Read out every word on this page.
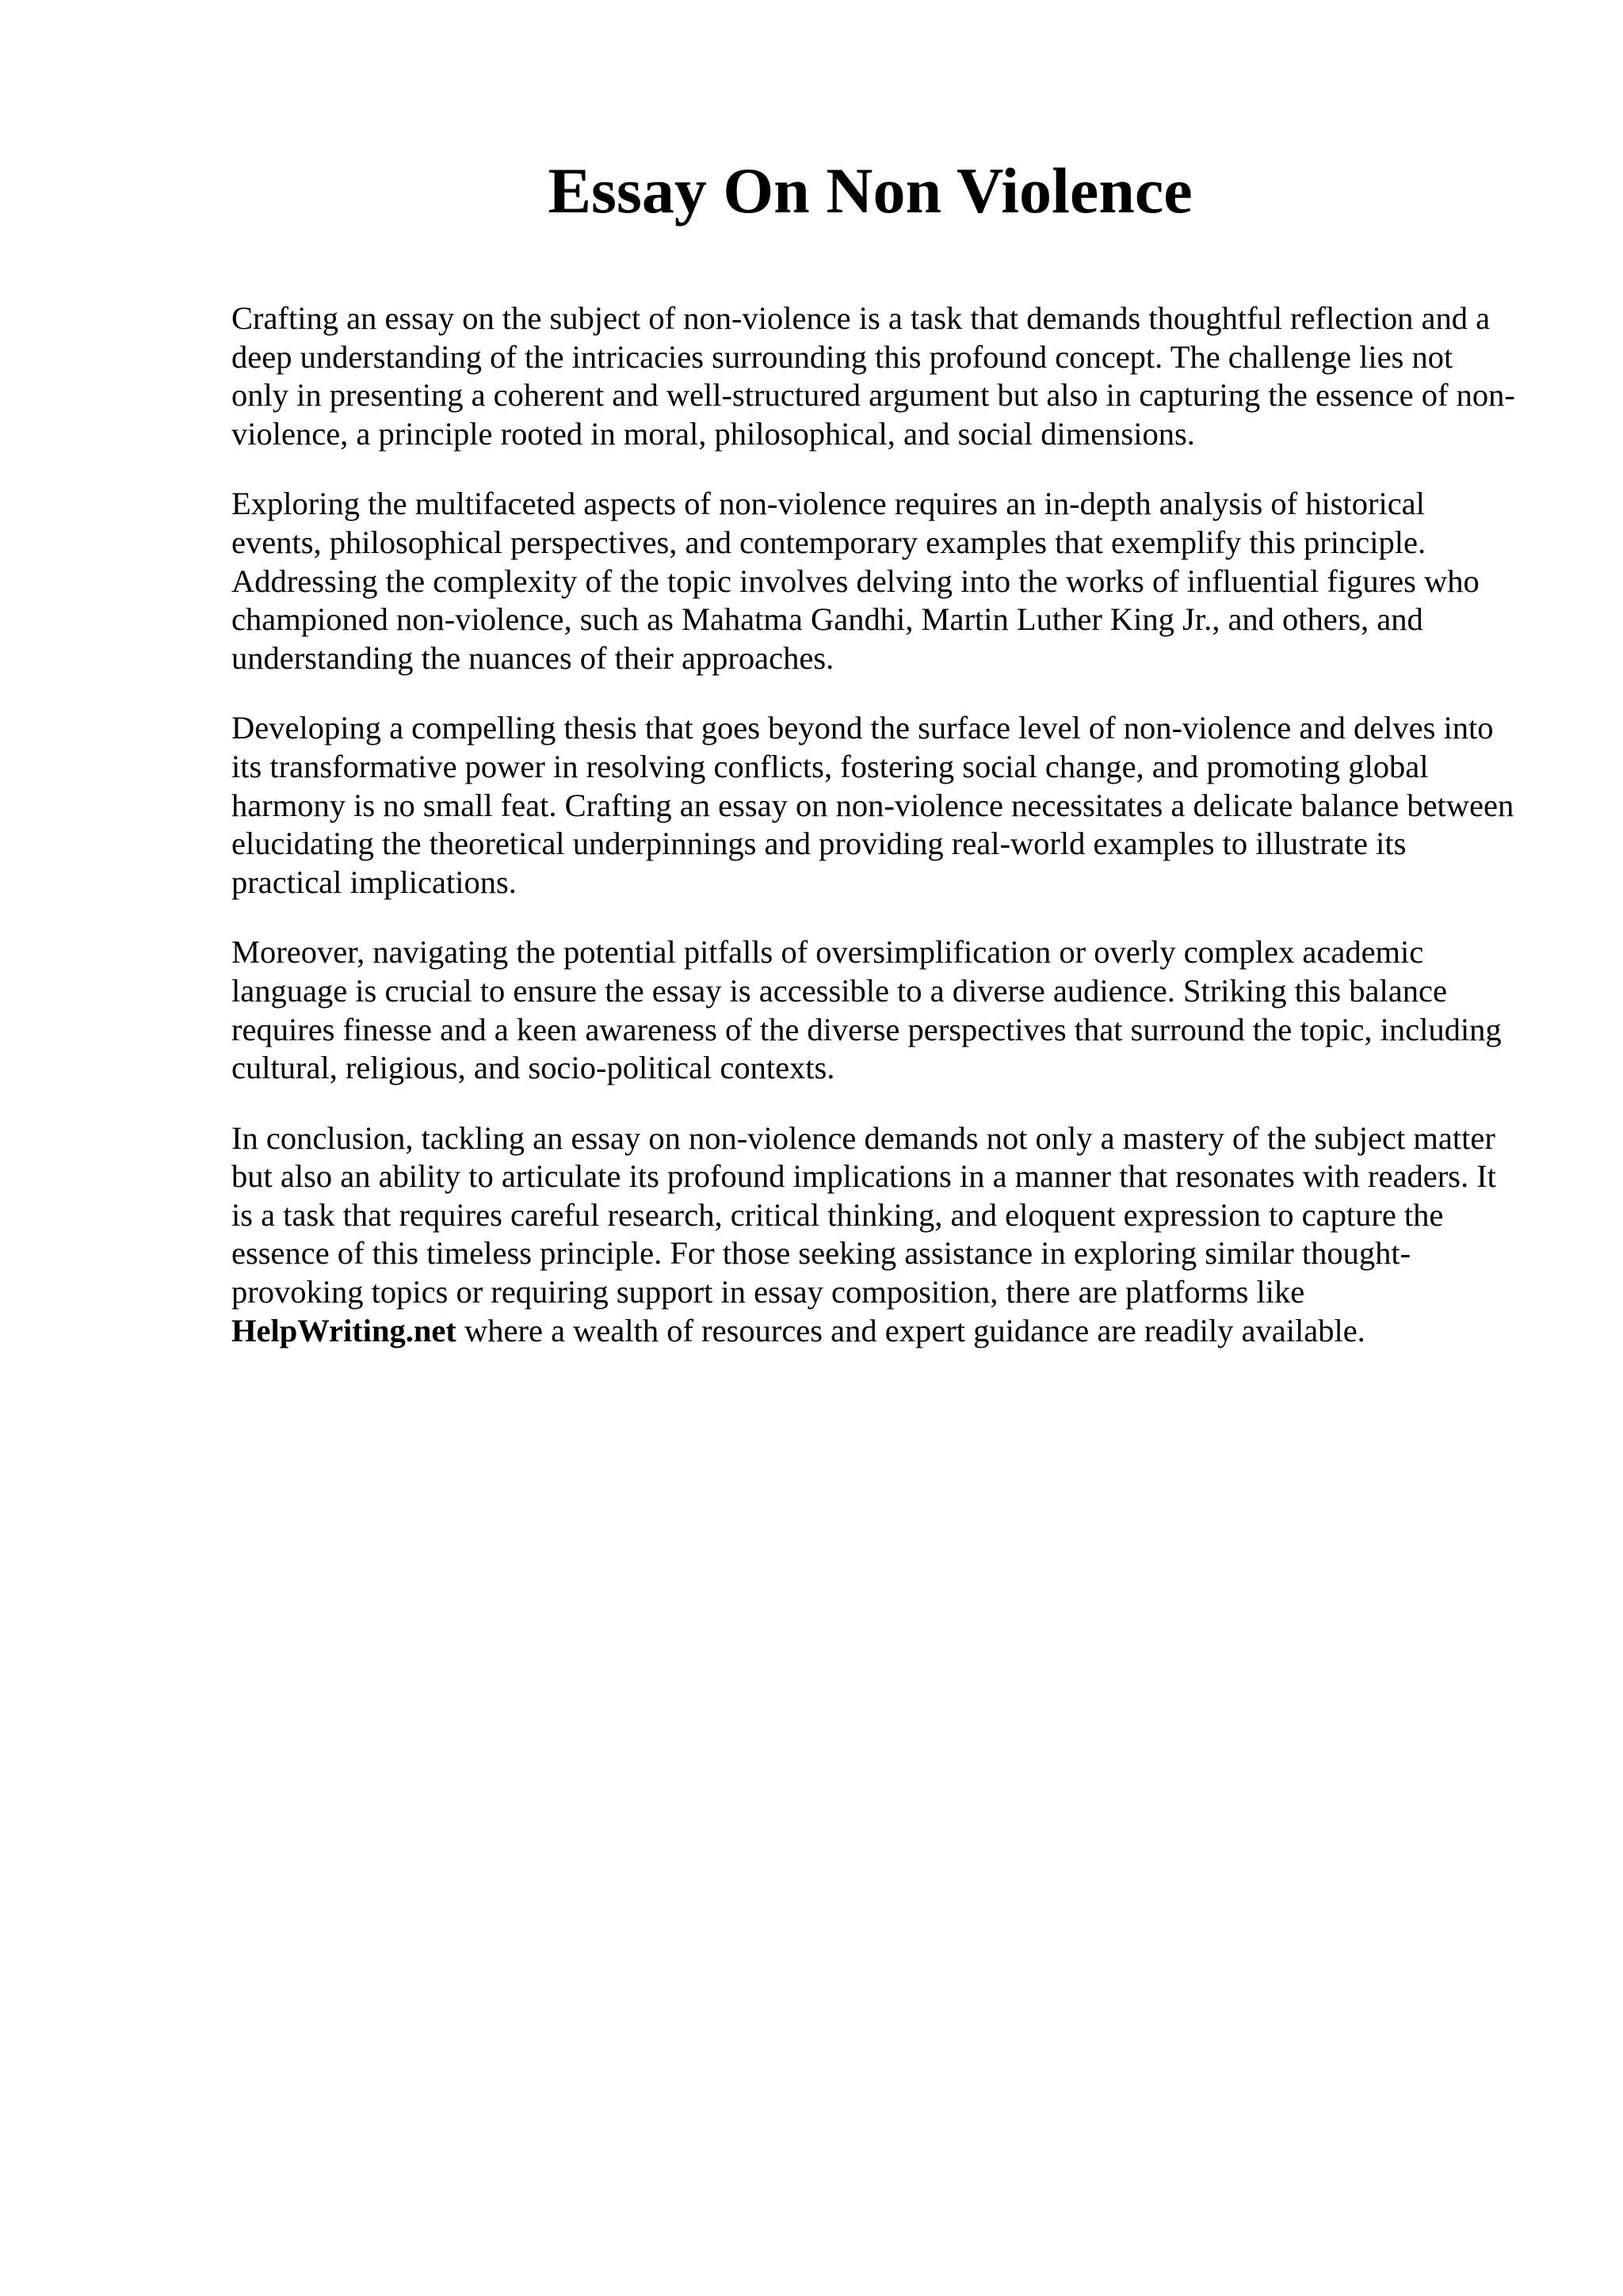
Essay On Non Violence

Crafting an essay on the subject of non-violence is a task that demands thoughtful reflection and a deep understanding of the intricacies surrounding this profound concept. The challenge lies not only in presenting a coherent and well-structured argument but also in capturing the essence of non-violence, a principle rooted in moral, philosophical, and social dimensions.

Exploring the multifaceted aspects of non-violence requires an in-depth analysis of historical events, philosophical perspectives, and contemporary examples that exemplify this principle. Addressing the complexity of the topic involves delving into the works of influential figures who championed non-violence, such as Mahatma Gandhi, Martin Luther King Jr., and others, and understanding the nuances of their approaches.

Developing a compelling thesis that goes beyond the surface level of non-violence and delves into its transformative power in resolving conflicts, fostering social change, and promoting global harmony is no small feat. Crafting an essay on non-violence necessitates a delicate balance between elucidating the theoretical underpinnings and providing real-world examples to illustrate its practical implications.

Moreover, navigating the potential pitfalls of oversimplification or overly complex academic language is crucial to ensure the essay is accessible to a diverse audience. Striking this balance requires finesse and a keen awareness of the diverse perspectives that surround the topic, including cultural, religious, and socio-political contexts.

In conclusion, tackling an essay on non-violence demands not only a mastery of the subject matter but also an ability to articulate its profound implications in a manner that resonates with readers. It is a task that requires careful research, critical thinking, and eloquent expression to capture the essence of this timeless principle. For those seeking assistance in exploring similar thought-provoking topics or requiring support in essay composition, there are platforms like HelpWriting.net where a wealth of resources and expert guidance are readily available.
